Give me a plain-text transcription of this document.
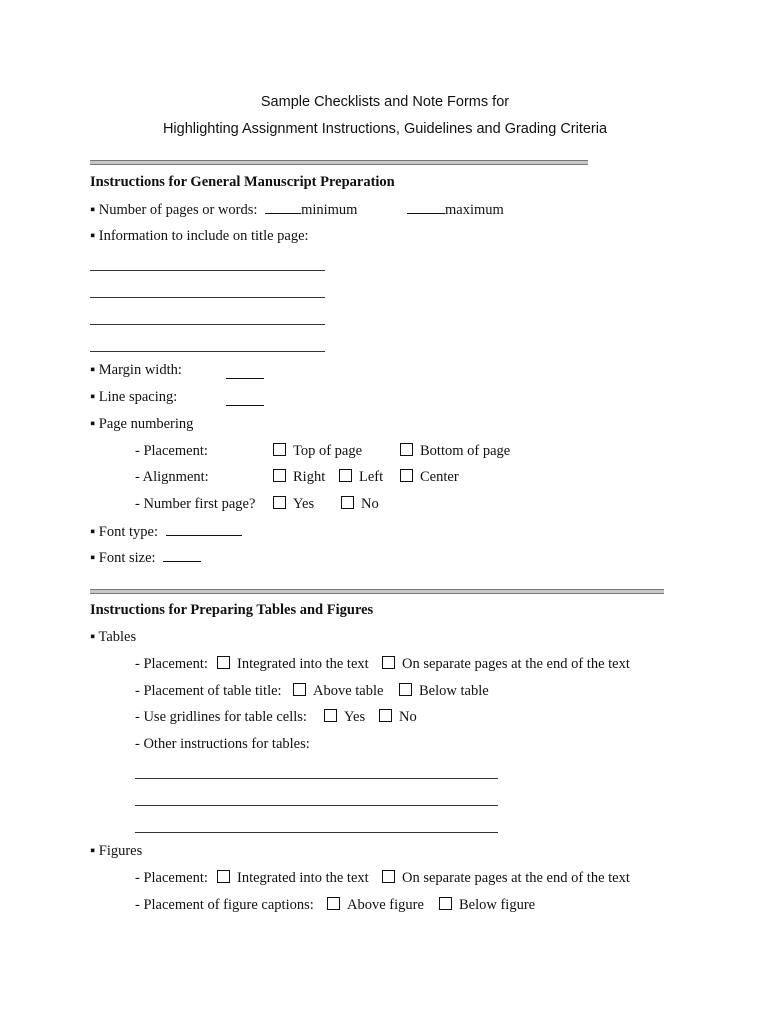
Sample Checklists and Note Forms for
Highlighting Assignment Instructions, Guidelines and Grading Criteria
Instructions for General Manuscript Preparation
▪ Number of pages or words:	minimum	maximum
▪ Information to include on title page:
▪ Margin width:
▪ Line spacing:
▪ Page numbering
- Placement:	Top of page	Bottom of page
- Alignment:	Right Left	Center
- Number first page?	Yes	No
▪ Font type:
▪ Font size:
Instructions for Preparing Tables and Figures
▪ Tables
- Placement: Integrated into the text On separate pages at the end of the text
- Placement of table title: Above table Below table
- Use gridlines for table cells:	Yes No
- Other instructions for tables:
▪ Figures
- Placement: Integrated into the text On separate pages at the end of the text
- Placement of figure captions: Above figure Below figure
